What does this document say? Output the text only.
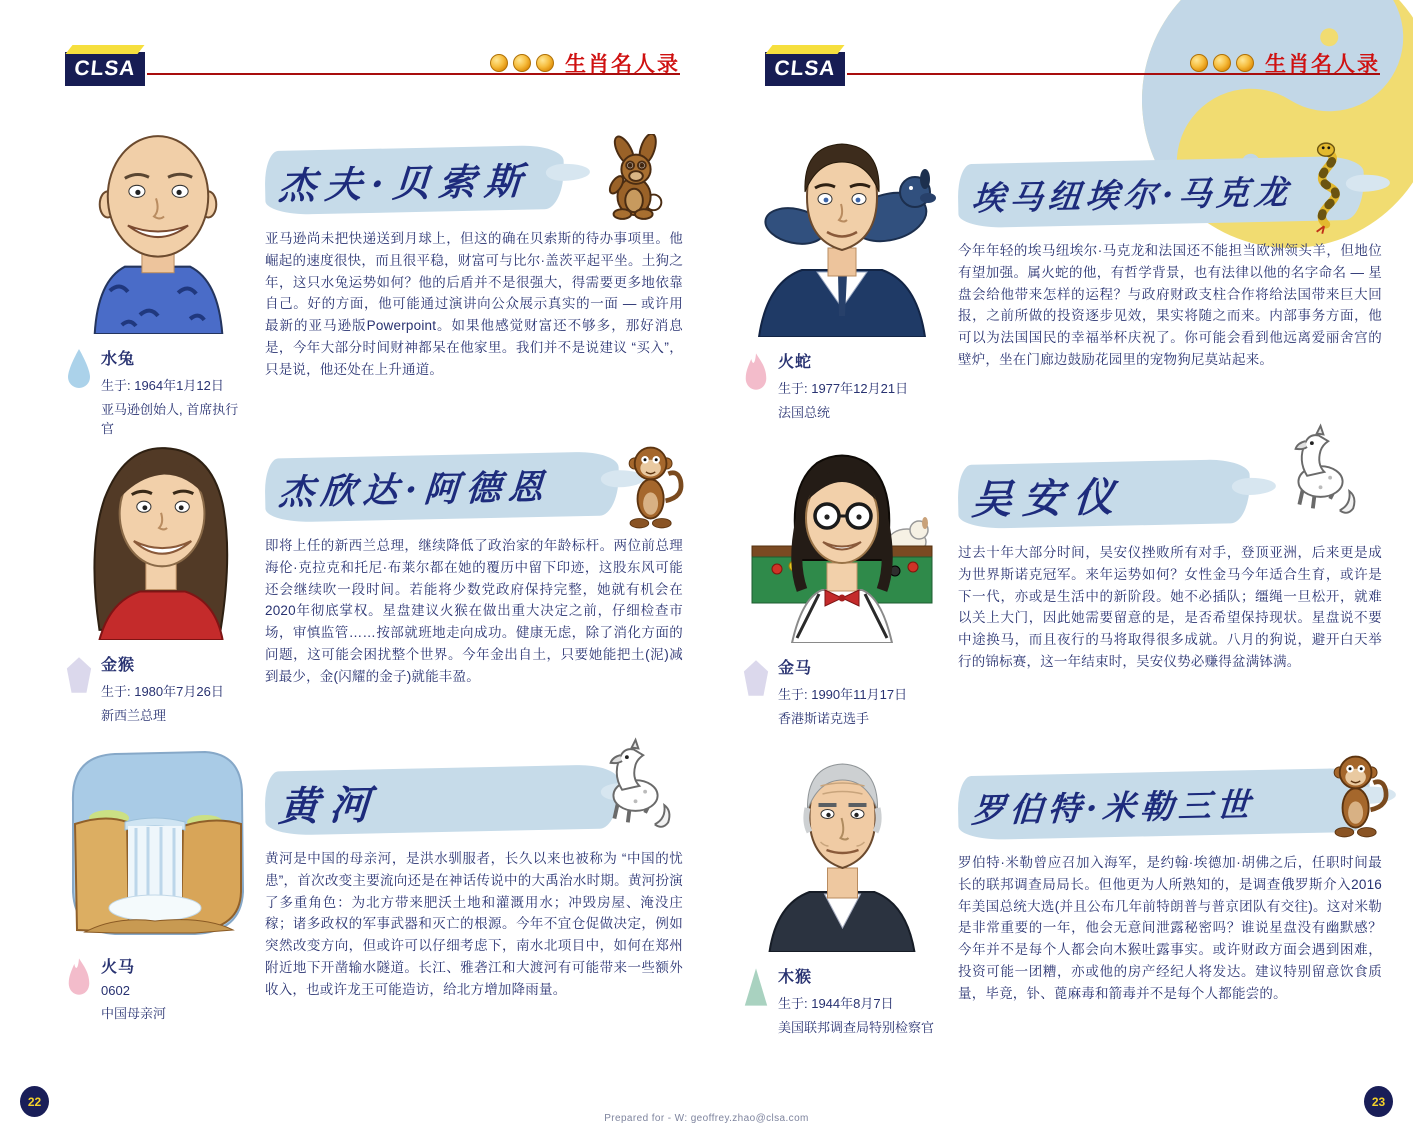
CLSA	生肖名人录	CLSA	生肖名人录
水兔
生于: 1964年1月12日
亚马逊创始人, 首席执行官
杰夫·贝索斯

亚马逊尚未把快递送到月球上，但这的确在贝索斯的待办事项里。他崛起的速度很快，而且很平稳，财富可与比尔·盖茨平起平坐。土狗之年，这只水兔运势如何？他的后盾并不是很强大，得需要更多地依靠自己。好的方面，他可能通过演讲向公众展示真实的一面 — 或许用最新的亚马逊版Powerpoint。如果他感觉财富还不够多，那好消息是，今年大部分时间财神都呆在他家里。我们并不是说建议 “买入”，只是说，他还处在上升通道。

金猴
生于: 1980年7月26日
新西兰总理
杰欣达·阿德恩

即将上任的新西兰总理，继续降低了政治家的年龄标杆。两位前总理海伦·克拉克和托尼·布莱尔都在她的覆历中留下印迹，这股东风可能还会继续吹一段时间。若能将少数党政府保持完整，她就有机会在2020年彻底掌权。星盘建议火猴在做出重大决定之前，仔细检查市场，审慎监管……按部就班地走向成功。健康无虑，除了消化方面的问题，这可能会困扰整个世界。今年金出自土，只要她能把土(泥)减到最少，金(闪耀的金子)就能丰盈。

火马
0602
中国母亲河
黄河

黄河是中国的母亲河，是洪水驯服者，长久以来也被称为 “中国的忧患”，首次改变主要流向还是在神话传说中的大禹治水时期。黄河扮演了多重角色：为北方带来肥沃土地和灌溉用水；冲毁房屋、淹没庄稼；诸多政权的军事武器和灭亡的根源。今年不宜仓促做决定，例如突然改变方向，但或许可以仔细考虑下，南水北项目中，如何在郑州附近地下开凿输水隧道。长江、雅砻江和大渡河有可能带来一些额外收入，也或许龙王可能造访，给北方增加降雨量。

火蛇
生于: 1977年12月21日
法国总统
埃马纽埃尔·马克龙

今年年轻的埃马纽埃尔·马克龙和法国还不能担当欧洲领头羊，但地位有望加强。属火蛇的他，有哲学背景，也有法律以他的名字命名 — 星盘会给他带来怎样的运程？与政府财政支柱合作将给法国带来巨大回报，之前所做的投资逐步见效，果实将随之而来。内部事务方面，他可以为法国国民的幸福举杯庆祝了。你可能会看到他远离爱丽舍宫的壁炉，坐在门廊边鼓励花园里的宠物狗尼莫站起来。

金马
生于: 1990年11月17日
香港斯诺克选手
吴安仪

过去十年大部分时间，吴安仪挫败所有对手，登顶亚洲，后来更是成为世界斯诺克冠军。来年运势如何？女性金马今年适合生育，或许是下一代，亦或是生活中的新阶段。她不必插队；缰绳一旦松开，就难以关上大门，因此她需要留意的是，是否希望保持现状。星盘说不要中途换马，而且夜行的马将取得很多成就。八月的狗说，避开白天举行的锦标赛，这一年结束时，吴安仪势必赚得盆满钵满。

木猴
生于: 1944年8月7日
美国联邦调查局特别检察官
罗伯特·米勒三世

罗伯特·米勒曾应召加入海军，是约翰·埃德加·胡佛之后，任职时间最长的联邦调查局局长。但他更为人所熟知的，是调查俄罗斯介入2016年美国总统大选(并且公布几年前特朗普与普京团队有交往)。这对米勒是非常重要的一年，他会无意间泄露秘密吗？谁说星盘没有幽默感？今年并不是每个人都会向木猴吐露事实。或许财政方面会遇到困难，投资可能一团糟，亦或他的房产经纪人将发达。建议特别留意饮食质量，毕竟，钋、蓖麻毒和箭毒并不是每个人都能尝的。

22	23
Prepared for - W: geoffrey.zhao@clsa.com
